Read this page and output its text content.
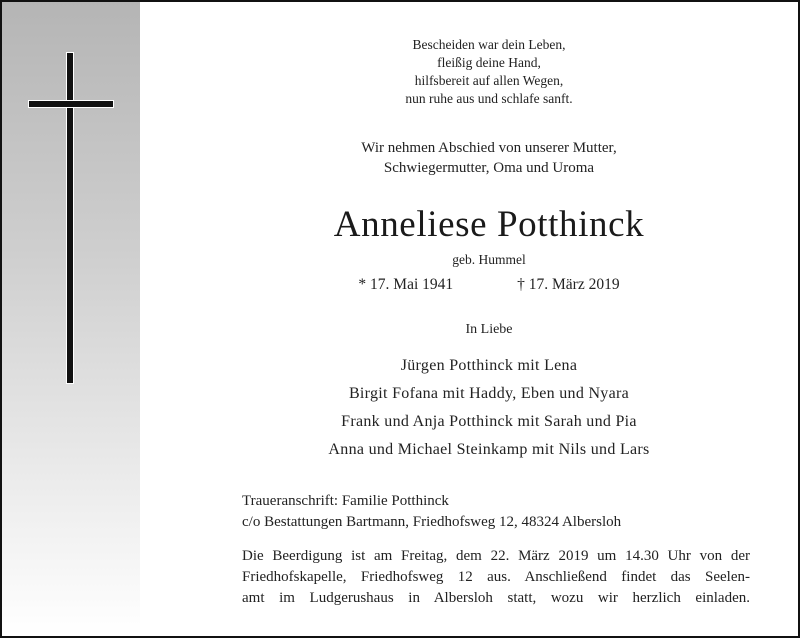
Bescheiden war dein Leben,
fleißig deine Hand,
hilfsbereit auf allen Wegen,
nun ruhe aus und schlafe sanft.
Wir nehmen Abschied von unserer Mutter,
Schwiegermutter, Oma und Uroma
Anneliese Potthinck
geb. Hummel
* 17. Mai 1941	† 17. März 2019
In Liebe
Jürgen Potthinck mit Lena
Birgit Fofana mit Haddy, Eben und Nyara
Frank und Anja Potthinck mit Sarah und Pia
Anna und Michael Steinkamp mit Nils und Lars
Traueranschrift: Familie Potthinck
c/o Bestattungen Bartmann, Friedhofsweg 12, 48324 Albersloh
Die Beerdigung ist am Freitag, dem 22. März 2019 um 14.30 Uhr von der
Friedhofskapelle, Friedhofsweg 12 aus. Anschließend findet das Seelen-
amt im Ludgerushaus in Albersloh statt, wozu wir herzlich einladen.
